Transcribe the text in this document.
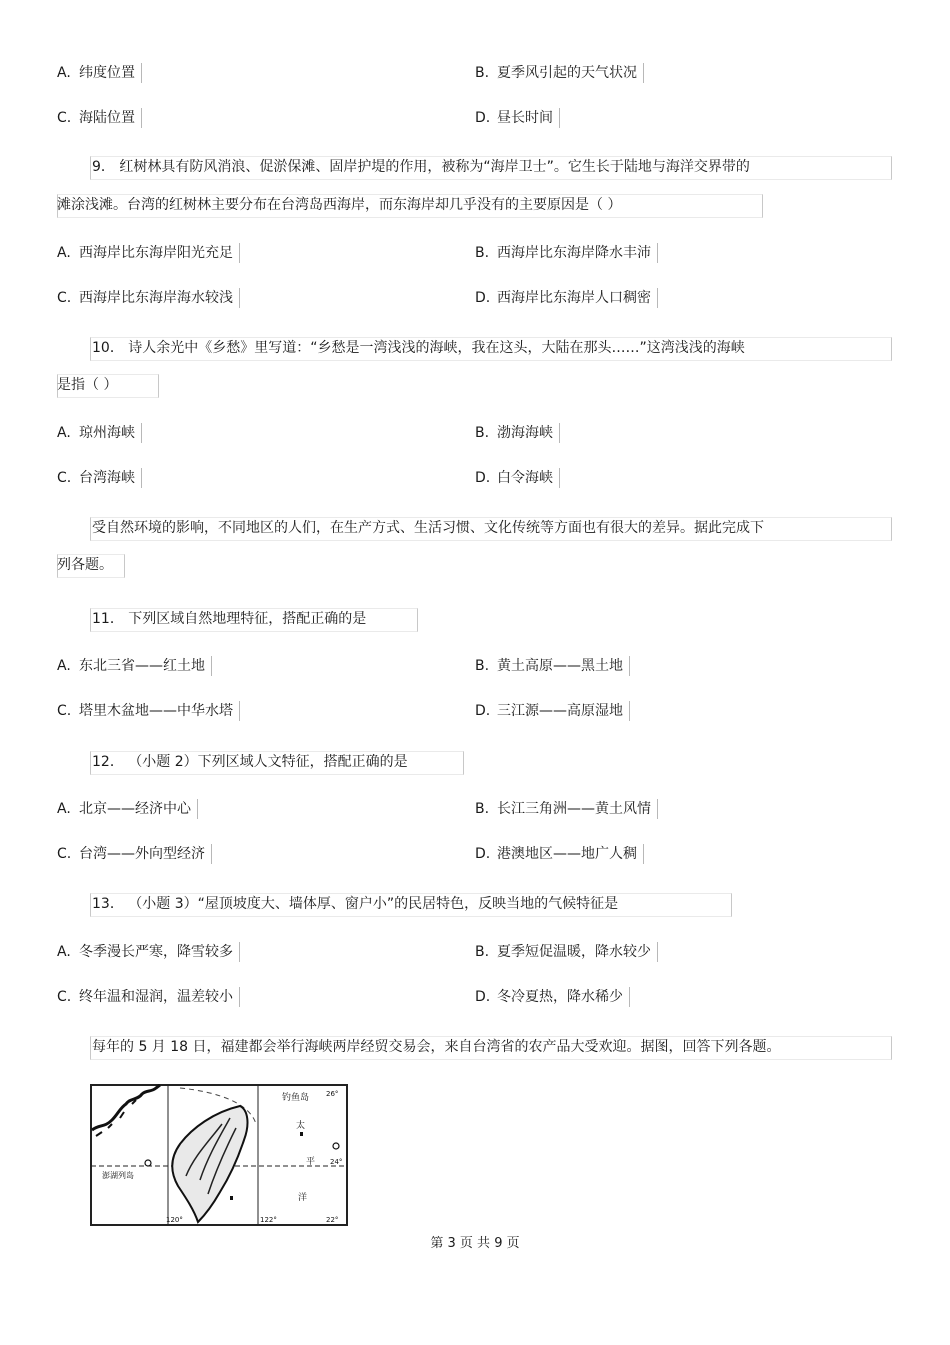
A. 纬度位置	B. 夏季风引起的天气状况
C. 海陆位置	D. 昼长时间
9． 红树林具有防风消浪、促淤保滩、固岸护堤的作用，被称为“海岸卫士”。它生长于陆地与海洋交界带的
滩涂浅滩。台湾的红树林主要分布在台湾岛西海岸，而东海岸却几乎没有的主要原因是（ ）
A. 西海岸比东海岸阳光充足	B. 西海岸比东海岸降水丰沛
C. 西海岸比东海岸海水较浅	D. 西海岸比东海岸人口稠密
10． 诗人余光中《乡愁》里写道：“乡愁是一湾浅浅的海峡，我在这头，大陆在那头……”这湾浅浅的海峡
是指（ ）
A. 琼州海峡	B. 渤海海峡
C. 台湾海峡	D. 白令海峡
受自然环境的影响，不同地区的人们，在生产方式、生活习惯、文化传统等方面也有很大的差异。据此完成下
列各题。
11． 下列区域自然地理特征，搭配正确的是
A. 东北三省——红土地	B. 黄土高原——黑土地
C. 塔里木盆地——中华水塔	D. 三江源——高原湿地
12． （小题 2）下列区域人文特征，搭配正确的是
A. 北京——经济中心	B. 长江三角洲——黄土风情
C. 台湾——外向型经济	D. 港澳地区——地广人稠
13． （小题 3）“屋顶坡度大、墙体厚、窗户小”的民居特色，反映当地的气候特征是
A. 冬季漫长严寒，降雪较多	B. 夏季短促温暖，降水较少
C. 终年温和湿润，温差较小	D. 冬冷夏热，降水稀少
每年的 5 月 18 日，福建都会举行海峡两岸经贸交易会，来自台湾省的农产品大受欢迎。据图，回答下列各题。
钓鱼岛 26°
24°
22°
120°	122°
澎湖列岛
太
平
洋
第 3 页 共 9 页
